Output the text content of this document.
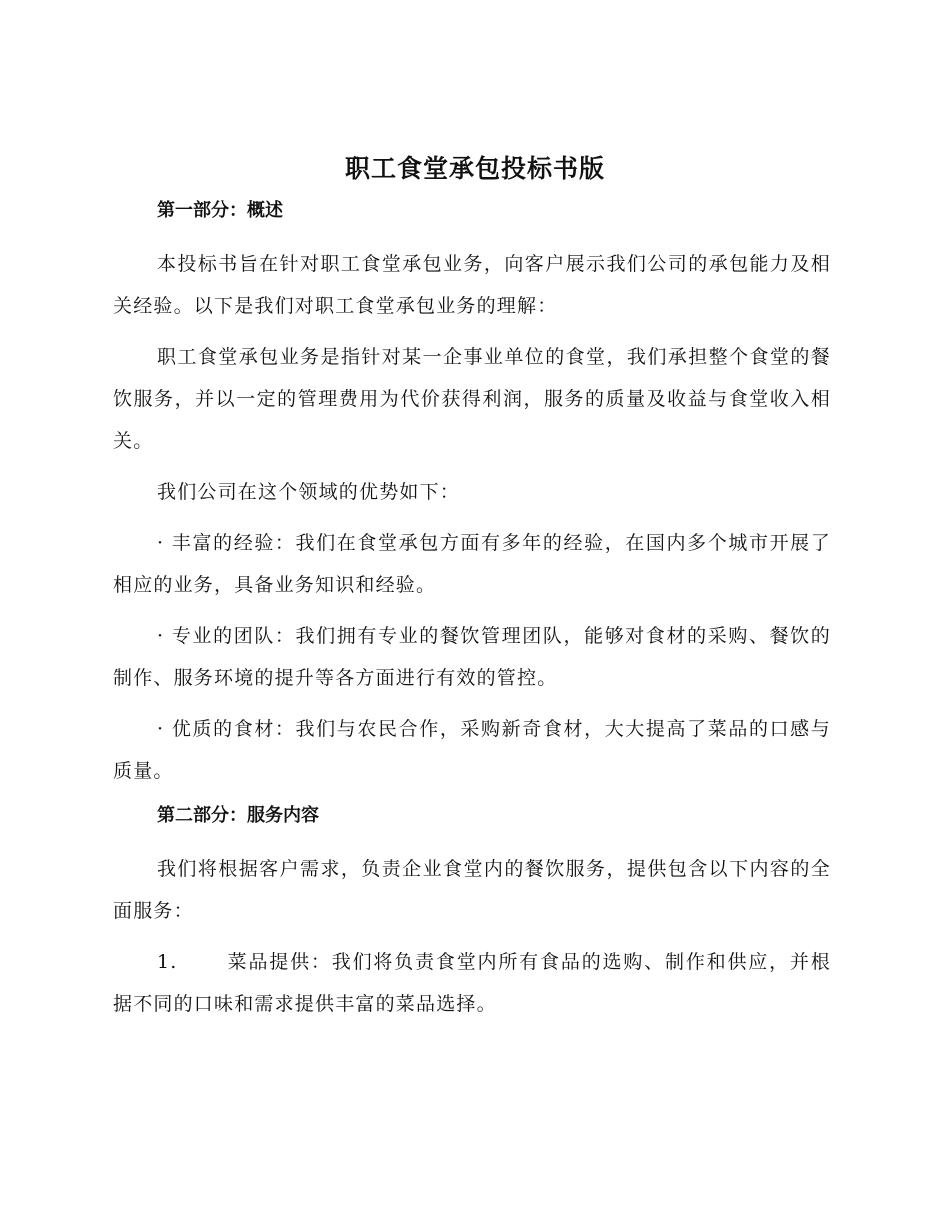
职工食堂承包投标书版
第一部分：概述

本投标书旨在针对职工食堂承包业务，向客户展示我们公司的承包能力及相关经验。以下是我们对职工食堂承包业务的理解：

职工食堂承包业务是指针对某一企事业单位的食堂，我们承担整个食堂的餐饮服务，并以一定的管理费用为代价获得利润，服务的质量及收益与食堂收入相关。

我们公司在这个领域的优势如下：

· 丰富的经验：我们在食堂承包方面有多年的经验，在国内多个城市开展了相应的业务，具备业务知识和经验。

· 专业的团队：我们拥有专业的餐饮管理团队，能够对食材的采购、餐饮的制作、服务环境的提升等各方面进行有效的管控。

· 优质的食材：我们与农民合作，采购新奇食材，大大提高了菜品的口感与质量。

第二部分：服务内容

我们将根据客户需求，负责企业食堂内的餐饮服务，提供包含以下内容的全面服务：

1.	菜品提供：我们将负责食堂内所有食品的选购、制作和供应，并根据不同的口味和需求提供丰富的菜品选择。
